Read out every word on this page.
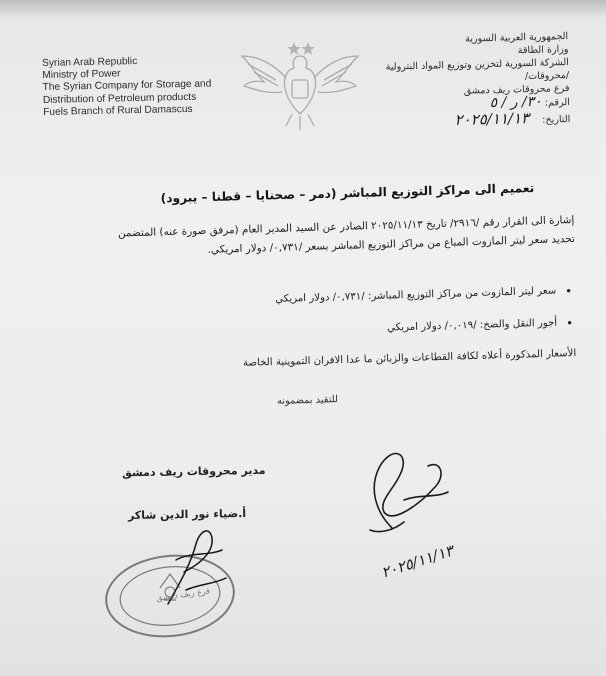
Syrian Arab Republic
Ministry of Power
The Syrian Company for Storage and
Distribution of Petroleum products
Fuels Branch of Rural Damascus
الجمهورية العربية السورية
وزارة الطاقة
الشركة السورية لتخزين وتوزيع المواد البترولية
/محروقات/
فرع محروقات ريف دمشق
الرقم: ٣٠/ ر / ٥
التاريخ: ٢٠٢٥/١١/١٣
تعميم الى مراكز التوزيع المباشر (دمر – صحنايا – قطنا – يبرود)

إشارة الى القرار رقم /٢٩١٦/ تاريخ ٢٠٢٥/١١/١٣ الصادر عن السيد المدير العام (مرفق صورة عنه) المتضمن

تحديد سعر ليتر المازوت المباع من مراكز التوزيع المباشر بسعر /٠,٧٣١/ دولار امريكي.

• سعر ليتر المازوت من مراكز التوزيع المباشر: /٠,٧٣١/ دولار امريكي
• أجور النقل والضخ: /٠,٠١٩/ دولار امريكي
الأسعار المذكورة أعلاه لكافة القطاعات والزبائن ما عدا الافران التموينية الخاصة
للتقيد بمضمونه
مدير محروقات ريف دمشق
أ.ضياء نور الدين شاكر
٢٠٢٥/١١/١٣
فرع ريف دمشق
